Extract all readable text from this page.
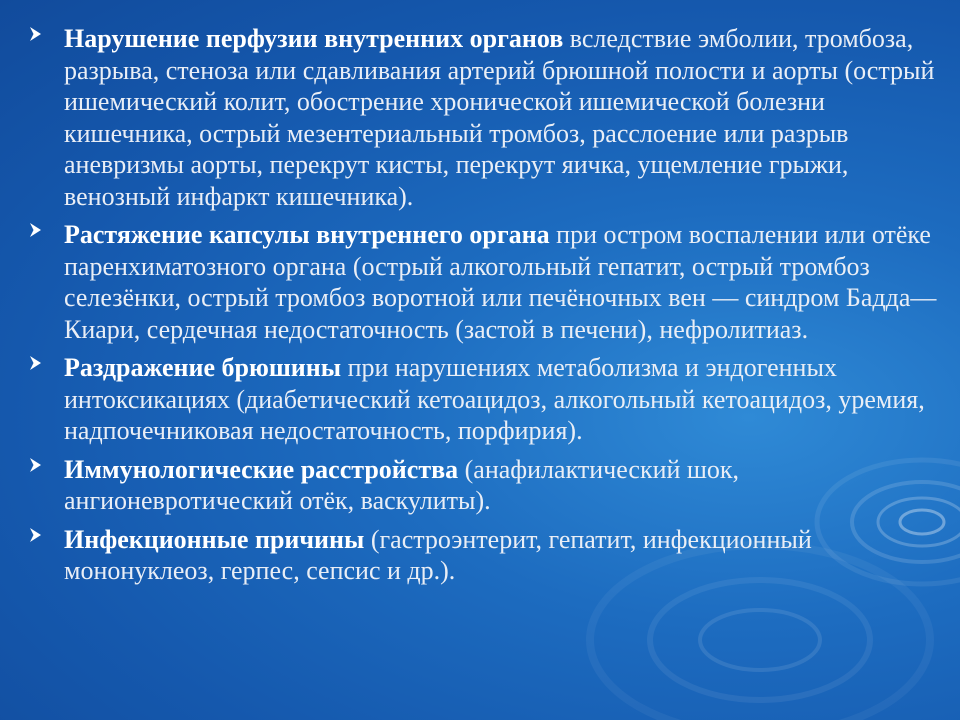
Нарушение перфузии внутренних органов вследствие эмболии, тромбоза, разрыва, стеноза или сдавливания артерий брюшной полости и аорты (острый ишемический колит, обострение хронической ишемической болезни кишечника, острый мезентериальный тромбоз, расслоение или разрыв аневризмы аорты, перекрут кисты, перекрут яичка, ущемление грыжи, венозный инфаркт кишечника).
Растяжение капсулы внутреннего органа при остром воспалении или отёке паренхиматозного органа (острый алкогольный гепатит, острый тромбоз селезёнки, острый тромбоз воротной или печёночных вен — синдром Бадда—Киари, сердечная недостаточность (застой в печени), нефролитиаз.
Раздражение брюшины при нарушениях метаболизма и эндогенных интоксикациях (диабетический кетоацидоз, алкогольный кетоацидоз, уремия, надпочечниковая недостаточность, порфирия).
Иммунологические расстройства (анафилактический шок, ангионевротический отёк, васкулиты).
Инфекционные причины (гастроэнтерит, гепатит, инфекционный мононуклеоз, герпес, сепсис и др.).
